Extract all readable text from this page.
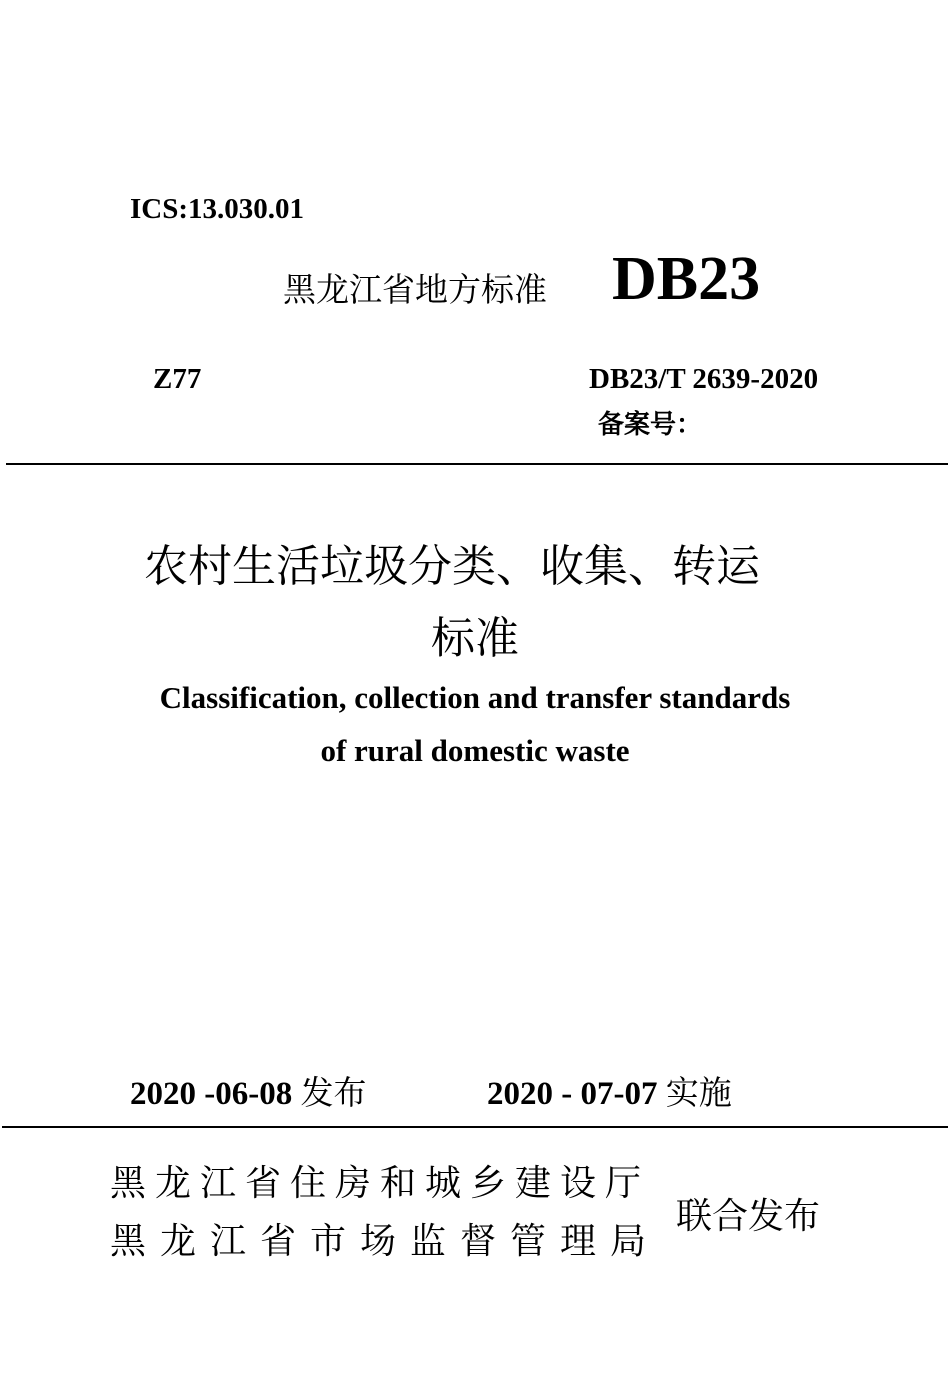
ICS:13.030.01
黑龙江省地方标准 DB23
Z77	DB23/T 2639-2020
备案号：
农村生活垃圾分类、收集、转运
标准
Classification, collection and transfer standards
of rural domestic waste
2020 -06-08 发布	2020 - 07-07 实施
黑龙江省住房和城乡建设厅
黑龙江省市场监督管理局
联合发布
